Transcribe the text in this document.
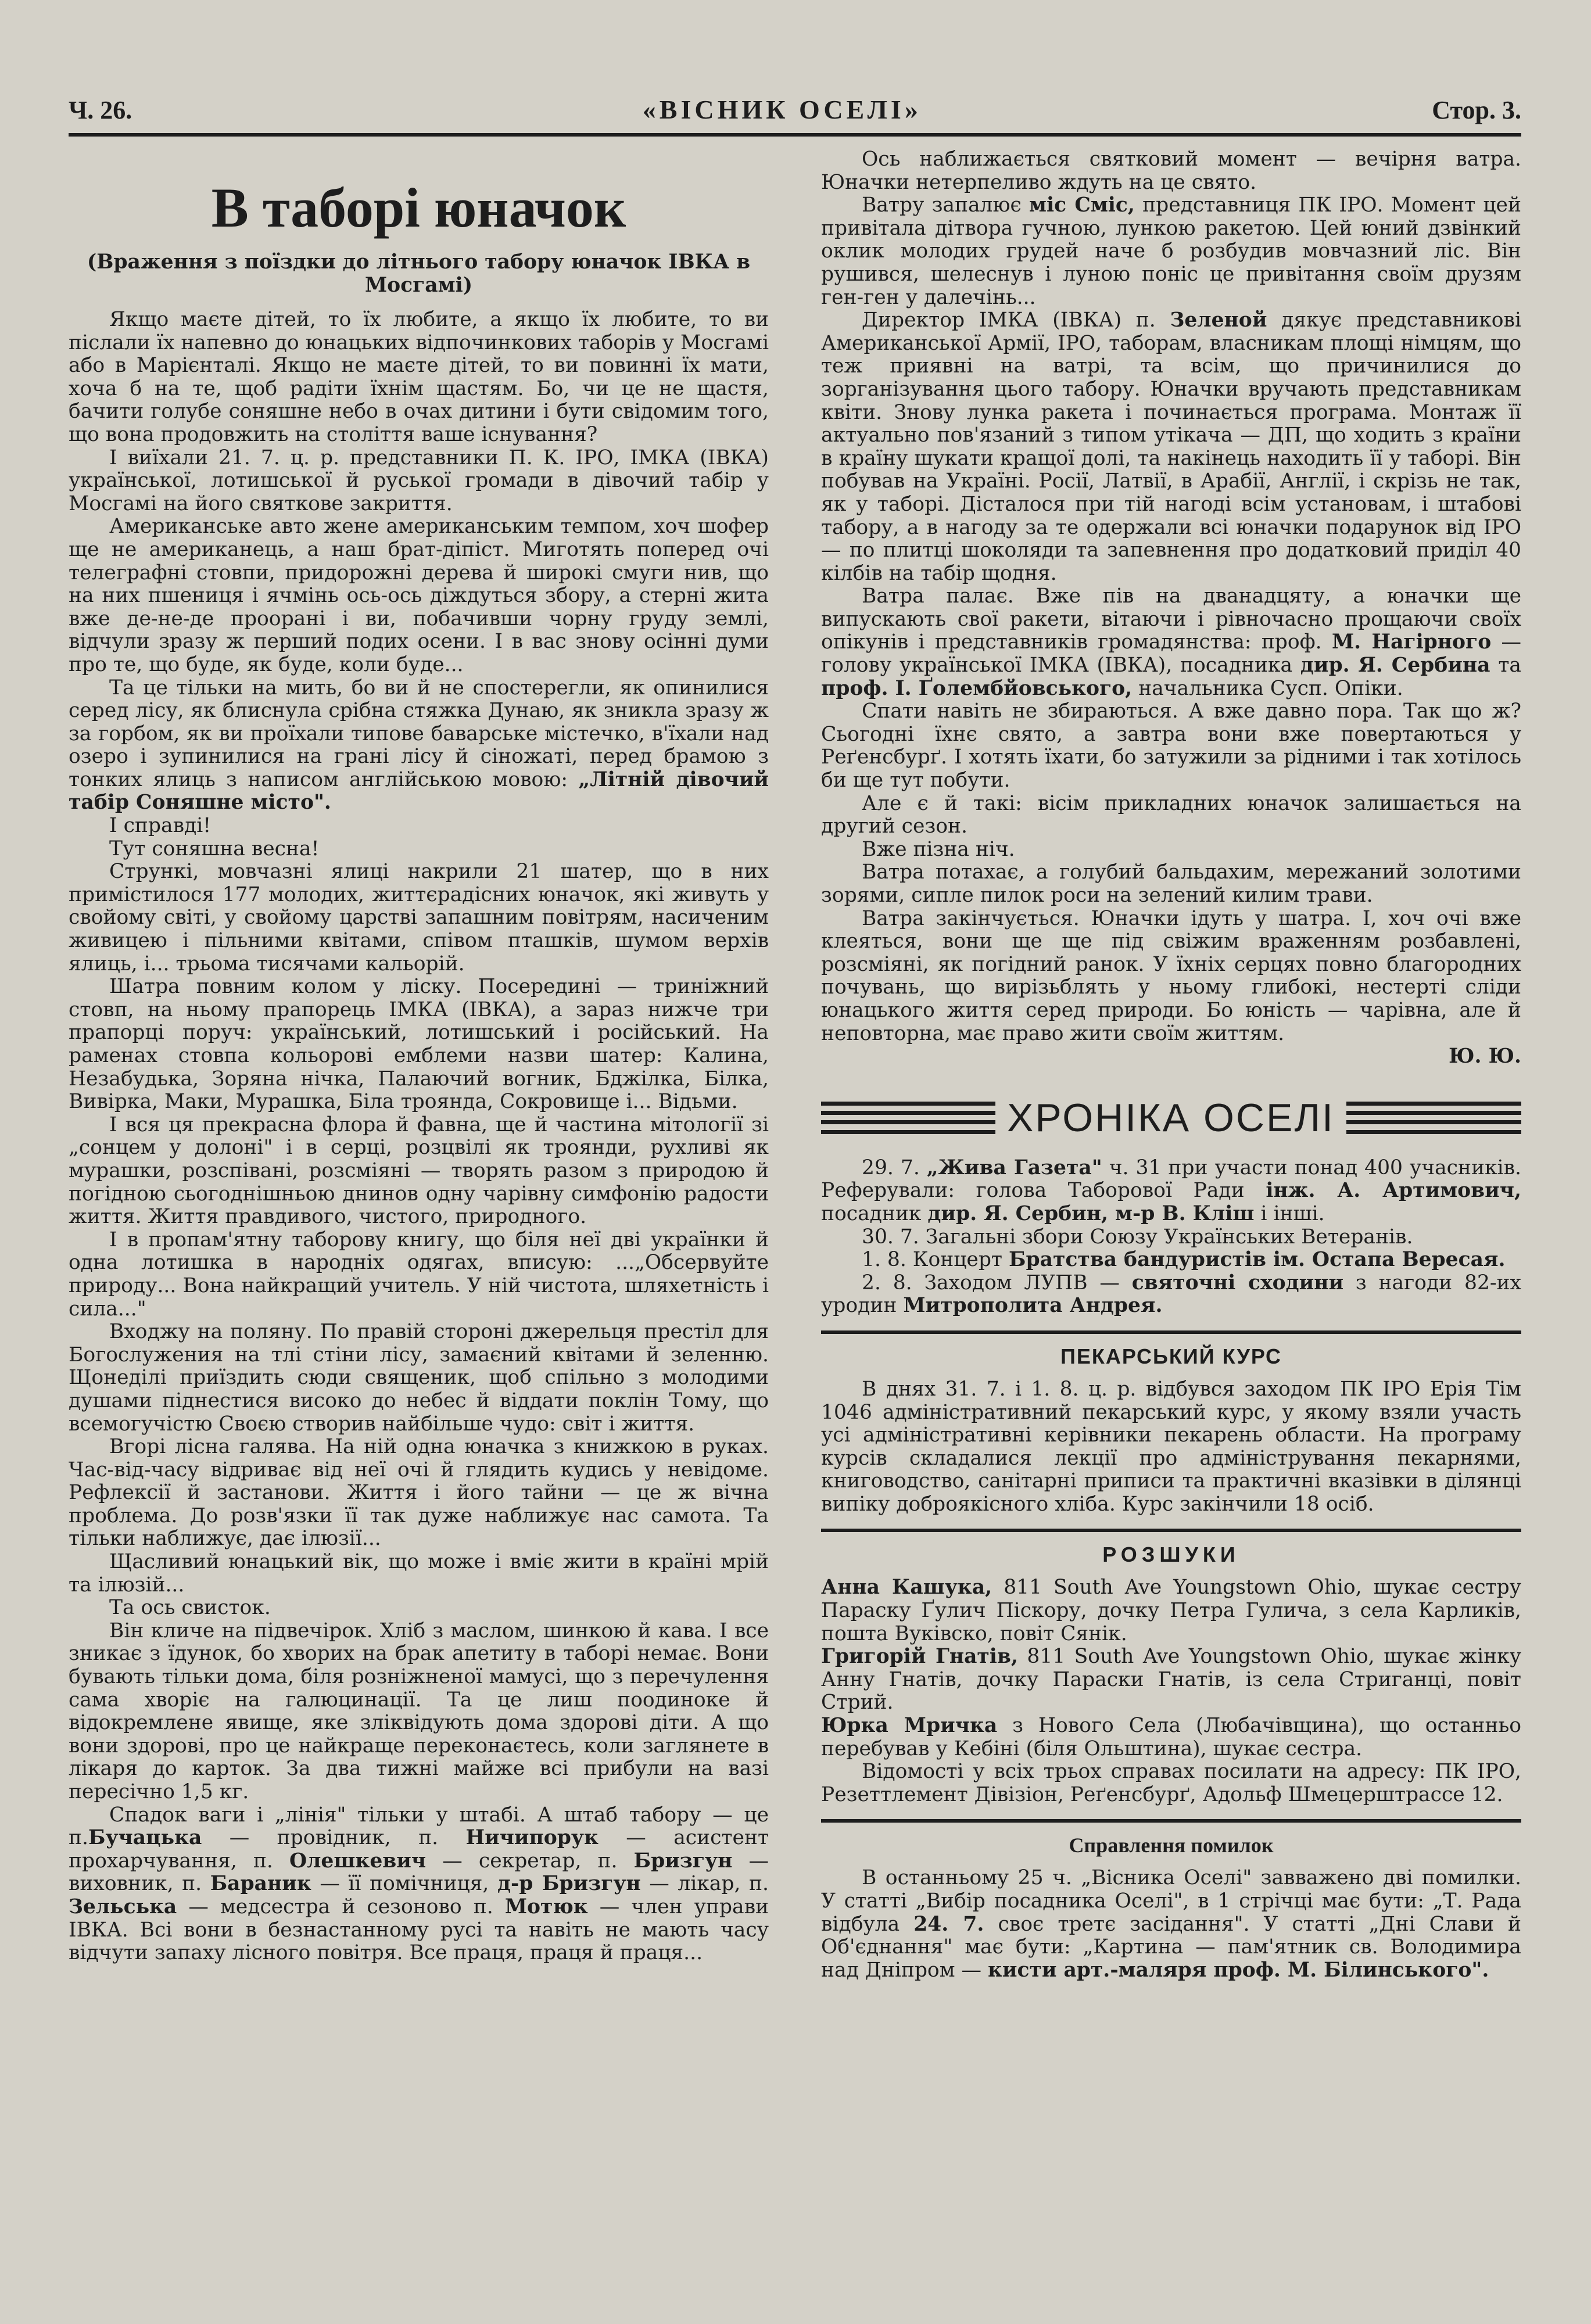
Ч. 26.	«ВІСНИК ОСЕЛІ»	Стор. 3.
В таборі юначок
(Враження з поїздки до літнього табору юначок ІВКА в Мосгамі)

Якщо маєте дітей, то їх любите, а якщо їх любите, то ви післали їх напевно до юнацьких відпочинкових таборів у Мосгамі або в Марієнталі. Якщо не маєте дітей, то ви повинні їх мати, хоча б на те, щоб радіти їхнім щастям. Бо, чи це не щастя, бачити голубе соняшне небо в очах дитини і бути свідомим того, що вона продовжить на століття ваше існування?

І виїхали 21. 7. ц. р. представники П. К. ІРО, ІМКА (ІВКА) української, лотишської й руської громади в дівочий табір у Мосгамі на його святкове закриття.

Американське авто жене американським темпом, хоч шофер ще не американець, а наш брат-діпіст. Миготять поперед очі телеграфні стовпи, придорожні дерева й широкі смуги нив, що на них пшениця і ячмінь ось-ось діждуться збору, а стерні жита вже де-не-де проорані і ви, побачивши чорну груду землі, відчули зразу ж перший подих осени. І в вас знову осінні думи про те, що буде, як буде, коли буде...

Та це тільки на мить, бо ви й не спостерегли, як опинилися серед лісу, як блиснула срібна стяжка Дунаю, як зникла зразу ж за горбом, як ви проїхали типове баварське містечко, в'їхали над озеро і зупинилися на грані лісу й сіножаті, перед брамою з тонких ялиць з написом англійською мовою: „Літній дівочий табір Соняшне місто".

І справді!

Тут соняшна весна!

Стрункі, мовчазні ялиці накрили 21 шатер, що в них примістилося 177 молодих, життєрадісних юначок, які живуть у свойому світі, у свойому царстві запашним повітрям, насиченим живицею і пільними квітами, співом пташків, шумом верхів ялиць, і... трьома тисячами кальорій.

Шатра повним колом у ліску. Посередині — триніжний стовп, на ньому прапорець ІМКА (ІВКА), а зараз нижче три прапорці поруч: український, лотишський і російський. На раменах стовпа кольорові емблеми назви шатер: Калина, Незабудька, Зоряна нічка, Палаючий вогник, Бджілка, Білка, Вивірка, Маки, Мурашка, Біла троянда, Сокровище і... Відьми.

І вся ця прекрасна флора й фавна, ще й частина мітології зі „сонцем у долоні" і в серці, розцвілі як троянди, рухливі як мурашки, розспівані, розсміяні — творять разом з природою й погідною сьогоднішньою днинов одну чарівну симфонію радости життя. Життя правдивого, чистого, природного.

І в пропам'ятну таборову книгу, що біля неї дві українки й одна лотишка в народніх одягах, вписую: ...„Обсервуйте природу... Вона найкращий учитель. У ній чистота, шляхетність і сила..."

Входжу на поляну. По правій стороні джерельця престіл для Богослужения на тлі стіни лісу, замаєний квітами й зеленню. Щонеділі приїздить сюди священик, щоб спільно з молодими душами піднестися високо до небес й віддати поклін Тому, що всемогучістю Своєю створив найбільше чудо: світ і життя.

Вгорі лісна галява. На ній одна юначка з книжкою в руках. Час-від-часу відриває від неї очі й глядить кудись у невідоме. Рефлексії й застанови. Життя і його тайни — це ж вічна проблема. До розв'язки її так дуже наближує нас самота. Та тільки наближує, дає ілюзії...

Щасливий юнацький вік, що може і вміє жити в країні мрій та ілюзій...

Та ось свисток.

Він кличе на підвечірок. Хліб з маслом, шинкою й кава. І все зникає з їдунок, бо хворих на брак апетиту в таборі немає. Вони бувають тільки дома, біля розніжненої мамусі, що з перечулення сама хворіє на галюцинації. Та це лиш поодиноке й відокремлене явище, яке зліквідують дома здорові діти. А що вони здорові, про це найкраще переконаєтесь, коли заглянете в лікаря до карток. За два тижні майже всі прибули на вазі пересічно 1,5 кг.

Спадок ваги і „лінія" тільки у штабі. А штаб табору — це п.Бучацька — провідник, п. Ничипорук — асистент прохарчування, п. Олешкевич — секретар, п. Бризгун — виховник, п. Бараник — її помічниця, д-р Бризгун — лікар, п. Зельська — медсестра й сезоново п. Мотюк — член управи ІВКА. Всі вони в безнастанному русі та навіть не мають часу відчути запаху лісного повітря. Все праця, праця й праця...

Ось наближається святковий момент — вечірня ватра. Юначки нетерпеливо ждуть на це свято.

Ватру запалює міс Сміс, представниця ПК ІРО. Момент цей привітала дітвора гучною, лункою ракетою. Цей юний дзвінкий оклик молодих грудей наче б розбудив мовчазний ліс. Він рушився, шелеснув і луною поніс це привітання своїм друзям ген-ген у далечінь...

Директор ІМКА (ІВКА) п. Зеленой дякує представникові Американської Армії, ІРО, таборам, власникам площі німцям, що теж приявні на ватрі, та всім, що причинилися до зорганізування цього табору. Юначки вручають представникам квіти. Знову лунка ракета і починається програма. Монтаж її актуально пов'язаний з типом утікача — ДП, що ходить з країни в країну шукати кращої долі, та накінець находить її у таборі. Він побував на Україні. Росії, Латвії, в Арабії, Англії, і скрізь не так, як у таборі. Дісталося при тій нагоді всім установам, і штабові табору, а в нагоду за те одержали всі юначки подарунок від ІРО — по плитці шоколяди та запевнення про додатковий приділ 40 кілбів на табір щодня.

Ватра палає. Вже пів на дванадцяту, а юначки ще випускають свої ракети, вітаючи і рівночасно прощаючи своїх опікунів і представників громадянства: проф. М. Нагірного — голову української ІМКА (ІВКА), посадника дир. Я. Сербина та проф. І. Ґолембйовського, начальника Сусп. Опіки.

Спати навіть не збираються. А вже давно пора. Так що ж? Сьогодні їхнє свято, а завтра вони вже повертаються у Реґенсбурґ. І хотять їхати, бо затужили за рідними і так хотілось би ще тут побути.

Але є й такі: вісім прикладних юначок залишається на другий сезон.

Вже пізна ніч.

Ватра потахає, а голубий бальдахим, мережаний золотими зорями, сипле пилок роси на зелений килим трави.

Ватра закінчується. Юначки ідуть у шатра. І, хоч очі вже клеяться, вони ще ще під свіжим враженням розбавлені, розсміяні, як погідний ранок. У їхніх серцях повно благородних почувань, що вирізьблять у ньому глибокі, нестерті сліди юнацького життя серед природи. Бо юність — чарівна, але й неповторна, має право жити своїм життям.

Ю. Ю.

ХРОНІКА ОСЕЛІ

29. 7. „Жива Газета" ч. 31 при участи понад 400 учасників. Реферували: голова Таборової Ради інж. А. Артимович, посадник дир. Я. Сербин, м-р В. Кліш і інші.

30. 7. Загальні збори Союзу Українських Ветеранів.

1. 8. Концерт Братства бандуристів ім. Остапа Вересая.

2. 8. Заходом ЛУПВ — святочні сходини з нагоди 82-их уродин Митрополита Андрея.

ПЕКАРСЬКИЙ КУРС

В днях 31. 7. і 1. 8. ц. р. відбувся заходом ПК ІРО Ерія Тім 1046 адміністративний пекарський курс, у якому взяли участь усі адміністративні керівники пекарень области. На програму курсів складалися лекції про адміністрування пекарнями, книговодство, санітарні приписи та практичні вказівки в ділянці випіку доброякісного хліба. Курс закінчили 18 осіб.

РОЗШУКИ

Анна Кашука, 811 South Ave Youngstown Ohio, шукає сестру Параску Ґулич Піскору, дочку Петра Гулича, з села Карликів, пошта Вуківско, повіт Сянік.

Григорій Гнатів, 811 South Ave Youngstown Ohio, шукає жінку Анну Гнатів, дочку Параски Гнатів, із села Стриганці, повіт Стрий.

Юрка Мричка з Нового Села (Любачівщина), що останньо перебував у Кебіні (біля Ольштина), шукає сестра.

Відомості у всіх трьох справах посилати на адресу: ПК ІРО, Резеттлемент Дівізіон, Реґенсбурґ, Адольф Шмецерштрассе 12.

Справлення помилок

В останньому 25 ч. „Вісника Оселі" завважено дві помилки. У статті „Вибір посадника Оселі", в 1 стрічці має бути: „Т. Рада відбула 24. 7. своє третє засідання". У статті „Дні Слави й Об'єднання" має бути: „Картина — пам'ятник св. Володимира над Дніпром — кисти арт.-маляря проф. М. Білинського".
